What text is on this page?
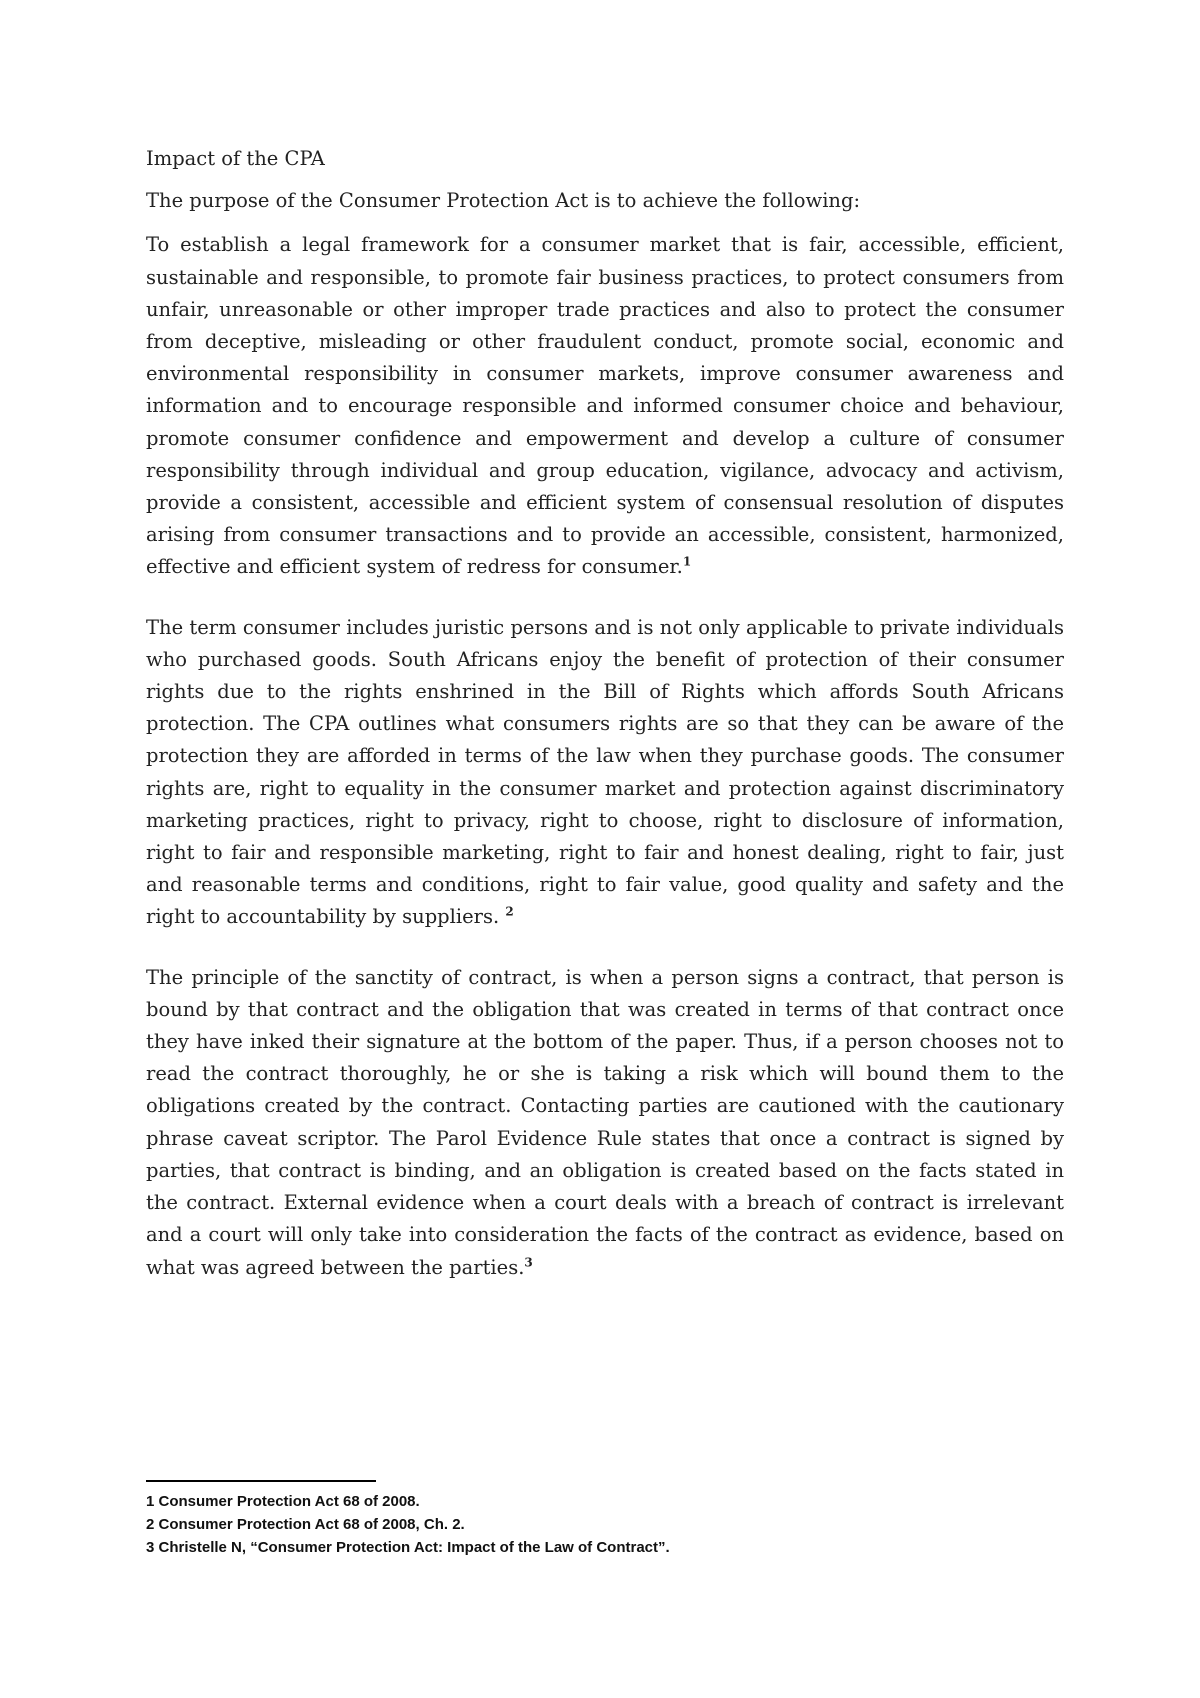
Impact of the CPA

The purpose of the Consumer Protection Act is to achieve the following:

To establish a legal framework for a consumer market that is fair, accessible, efficient, sustainable and responsible, to promote fair business practices, to protect consumers from unfair, unreasonable or other improper trade practices and also to protect the consumer from deceptive, misleading or other fraudulent conduct, promote social, economic and environmental responsibility in consumer markets, improve consumer awareness and information and to encourage responsible and informed consumer choice and behaviour, promote consumer confidence and empowerment and develop a culture of consumer responsibility through individual and group education, vigilance, advocacy and activism, provide a consistent, accessible and efficient system of consensual resolution of disputes arising from consumer transactions and to provide an accessible, consistent, harmonized, effective and efficient system of redress for consumer.$^1$

The term consumer includes juristic persons and is not only applicable to private individuals who purchased goods. South Africans enjoy the benefit of protection of their consumer rights due to the rights enshrined in the Bill of Rights which affords South Africans protection. The CPA outlines what consumers rights are so that they can be aware of the protection they are afforded in terms of the law when they purchase goods. The consumer rights are, right to equality in the consumer market and protection against discriminatory marketing practices, right to privacy, right to choose, right to disclosure of information, right to fair and responsible marketing, right to fair and honest dealing, right to fair, just and reasonable terms and conditions, right to fair value, good quality and safety and the right to accountability by suppliers. $^2$

The principle of the sanctity of contract, is when a person signs a contract, that person is bound by that contract and the obligation that was created in terms of that contract once they have inked their signature at the bottom of the paper. Thus, if a person chooses not to read the contract thoroughly, he or she is taking a risk which will bound them to the obligations created by the contract. Contacting parties are cautioned with the cautionary phrase caveat scriptor. The Parol Evidence Rule states that once a contract is signed by parties, that contract is binding, and an obligation is created based on the facts stated in the contract. External evidence when a court deals with a breach of contract is irrelevant and a court will only take into consideration the facts of the contract as evidence, based on what was agreed between the parties.$^3$

1 Consumer Protection Act 68 of 2008.
2 Consumer Protection Act 68 of 2008, Ch. 2.
3 Christelle N, “Consumer Protection Act: Impact of the Law of Contract”.
